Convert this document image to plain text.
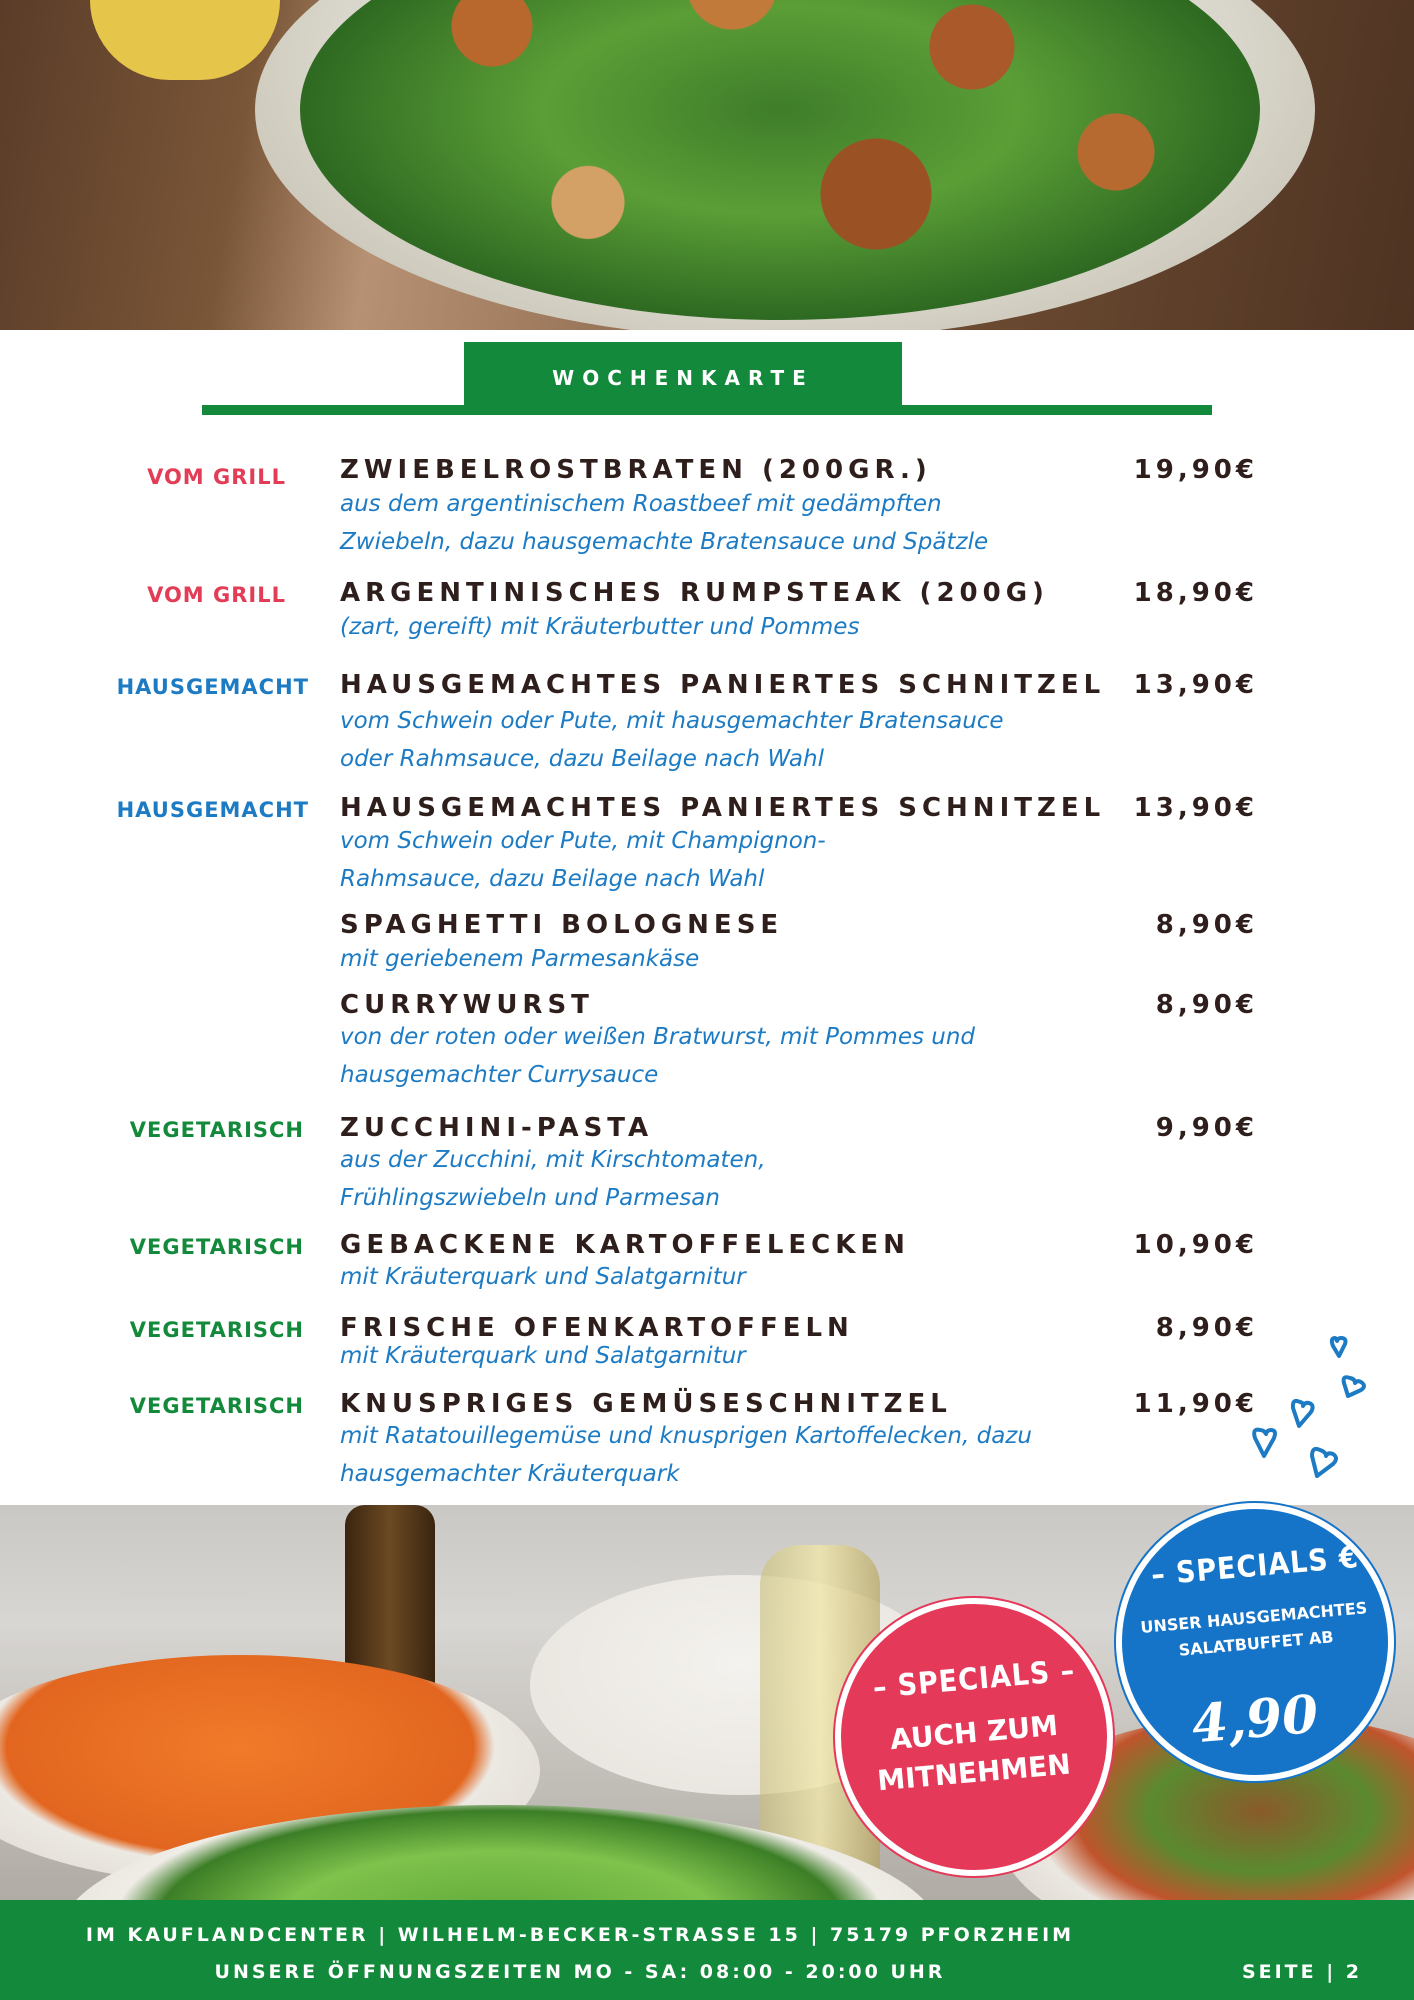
WOCHENKARTE
VOM GRILL ZWIEBELROSTBRATEN (200GR.)
aus dem argentinischem Roastbeef mit gedämpften
Zwiebeln, dazu hausgemachte Bratensauce und Spätzle
19,90€
VOM GRILL ARGENTINISCHES RUMPSTEAK (200G)
(zart, gereift) mit Kräuterbutter und Pommes
18,90€
HAUSGEMACHT HAUSGEMACHTES PANIERTES SCHNITZEL
vom Schwein oder Pute, mit hausgemachter Bratensauce
oder Rahmsauce, dazu Beilage nach Wahl
13,90€
HAUSGEMACHT HAUSGEMACHTES PANIERTES SCHNITZEL
vom Schwein oder Pute, mit Champignon-
Rahmsauce, dazu Beilage nach Wahl
13,90€
SPAGHETTI BOLOGNESE
mit geriebenem Parmesankäse
8,90€
CURRYWURST
von der roten oder weißen Bratwurst, mit Pommes und
hausgemachter Currysauce
8,90€
VEGETARISCH ZUCCHINI-PASTA
aus der Zucchini, mit Kirschtomaten,
Frühlingszwiebeln und Parmesan
9,90€
VEGETARISCH GEBACKENE KARTOFFELECKEN
mit Kräuterquark und Salatgarnitur
10,90€
VEGETARISCH FRISCHE OFENKARTOFFELN
mit Kräuterquark und Salatgarnitur
8,90€
VEGETARISCH KNUSPRIGES GEMÜSESCHNITZEL
mit Ratatouillegemüse und knusprigen Kartoffelecken, dazu
hausgemachter Kräuterquark
11,90€
– SPECIALS –
AUCH ZUM
MITNEHMEN
– SPECIALS €
UNSER HAUSGEMACHTES SALATBUFFET AB
4,90
IM KAUFLANDCENTER | WILHELM-BECKER-STRASSE 15 | 75179 PFORZHEIM
UNSERE ÖFFNUNGSZEITEN MO - SA: 08:00 - 20:00 UHR	SEITE | 2
